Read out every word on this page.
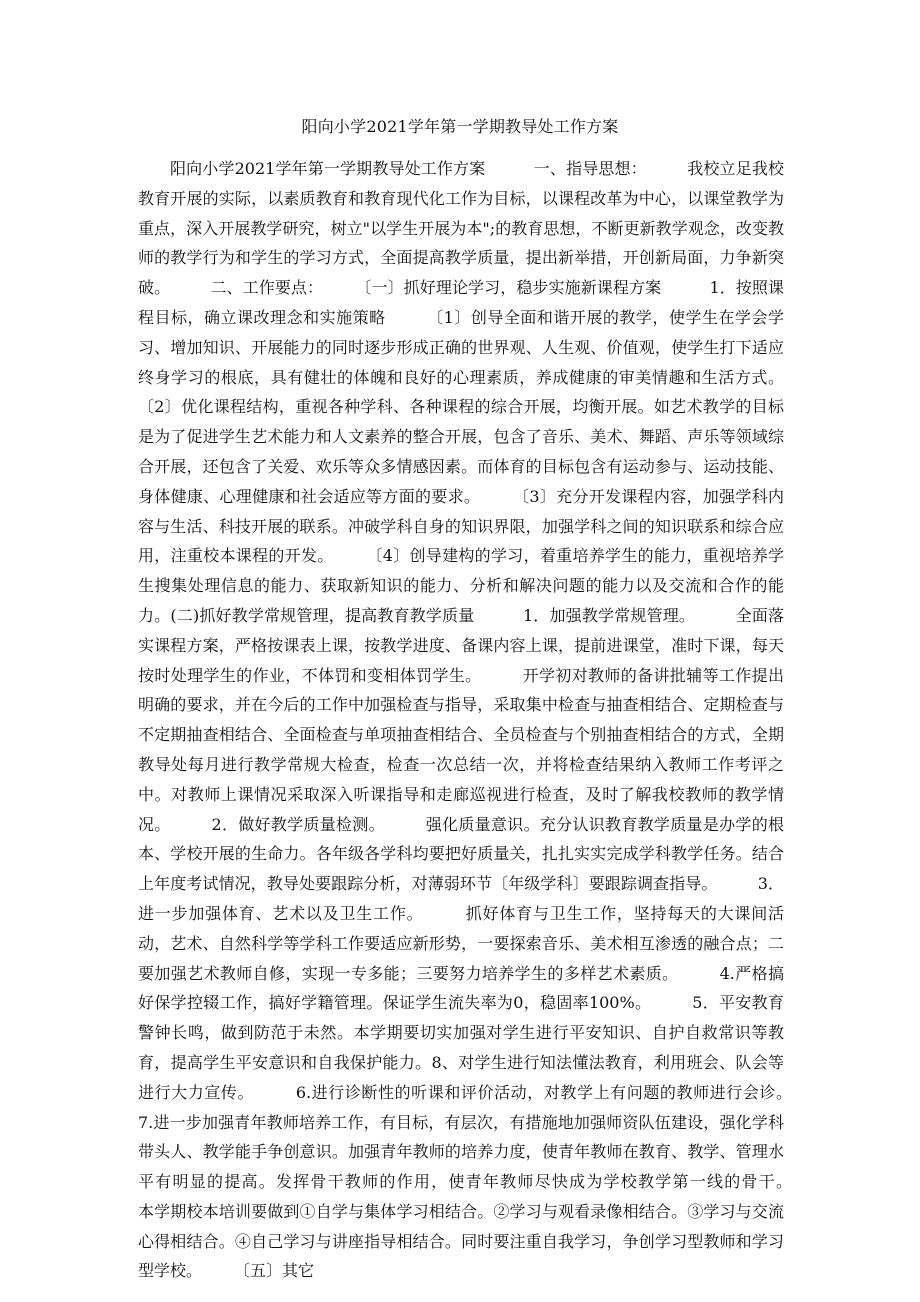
阳向小学2021学年第一学期教导处工作方案

阳向小学2021学年第一学期教导处工作方案　　　一、指导思想：　　　我校立足我校教育开展的实际，以素质教育和教育现代化工作为目标，以课程改革为中心，以课堂教学为重点，深入开展教学研究，树立"以学生开展为本";的教育思想，不断更新教学观念，改变教师的教学行为和学生的学习方式，全面提高教学质量，提出新举措，开创新局面，力争新突破。　　　二、工作要点：　　　〔一〕抓好理论学习，稳步实施新课程方案　　　1．按照课程目标，确立课改理念和实施策略　　　〔1〕创导全面和谐开展的教学，使学生在学会学习、增加知识、开展能力的同时逐步形成正确的世界观、人生观、价值观，使学生打下适应终身学习的根底，具有健壮的体魄和良好的心理素质，养成健康的审美情趣和生活方式。〔2〕优化课程结构，重视各种学科、各种课程的综合开展，均衡开展。如艺术教学的目标是为了促进学生艺术能力和人文素养的整合开展，包含了音乐、美术、舞蹈、声乐等领域综合开展，还包含了关爱、欢乐等众多情感因素。而体育的目标包含有运动参与、运动技能、身体健康、心理健康和社会适应等方面的要求。　　　〔3〕充分开发课程内容，加强学科内容与生活、科技开展的联系。冲破学科自身的知识界限，加强学科之间的知识联系和综合应用，注重校本课程的开发。　　　〔4〕创导建构的学习，着重培养学生的能力，重视培养学生搜集处理信息的能力、获取新知识的能力、分析和解决问题的能力以及交流和合作的能力。(二)抓好教学常规管理，提高教育教学质量　　　1．加强教学常规管理。　　　全面落实课程方案，严格按课表上课，按教学进度、备课内容上课，提前进课堂，准时下课，每天按时处理学生的作业，不体罚和变相体罚学生。　　　开学初对教师的备讲批辅等工作提出明确的要求，并在今后的工作中加强检查与指导，采取集中检查与抽查相结合、定期检查与不定期抽查相结合、全面检查与单项抽查相结合、全员检查与个别抽查相结合的方式，全期教导处每月进行教学常规大检查，检查一次总结一次，并将检查结果纳入教师工作考评之中。对教师上课情况采取深入听课指导和走廊巡视进行检查，及时了解我校教师的教学情况。　　　2．做好教学质量检测。　　　强化质量意识。充分认识教育教学质量是办学的根本、学校开展的生命力。各年级各学科均要把好质量关，扎扎实实完成学科教学任务。结合上年度考试情况，教导处要跟踪分析，对薄弱环节〔年级学科〕要跟踪调查指导。　　　3．进一步加强体育、艺术以及卫生工作。　　　抓好体育与卫生工作，坚持每天的大课间活动，艺术、自然科学等学科工作要适应新形势，一要探索音乐、美术相互渗透的融合点；二要加强艺术教师自修，实现一专多能；三要努力培养学生的多样艺术素质。　　　4.严格搞好保学控辍工作，搞好学籍管理。保证学生流失率为0，稳固率100%。　　　5．平安教育警钟长鸣，做到防范于未然。本学期要切实加强对学生进行平安知识、自护自救常识等教育，提高学生平安意识和自我保护能力。8、对学生进行知法懂法教育，利用班会、队会等进行大力宣传。　　　6.进行诊断性的听课和评价活动，对教学上有问题的教师进行会诊。　　　7.进一步加强青年教师培养工作，有目标，有层次，有措施地加强师资队伍建设，强化学科带头人、教学能手争创意识。加强青年教师的培养力度，使青年教师在教育、教学、管理水平有明显的提高。发挥骨干教师的作用，使青年教师尽快成为学校教学第一线的骨干。　　　本学期校本培训要做到①自学与集体学习相结合。②学习与观看录像相结合。③学习与交流心得相结合。④自己学习与讲座指导相结合。同时要注重自我学习，争创学习型教师和学习型学校。　　　〔五〕其它
